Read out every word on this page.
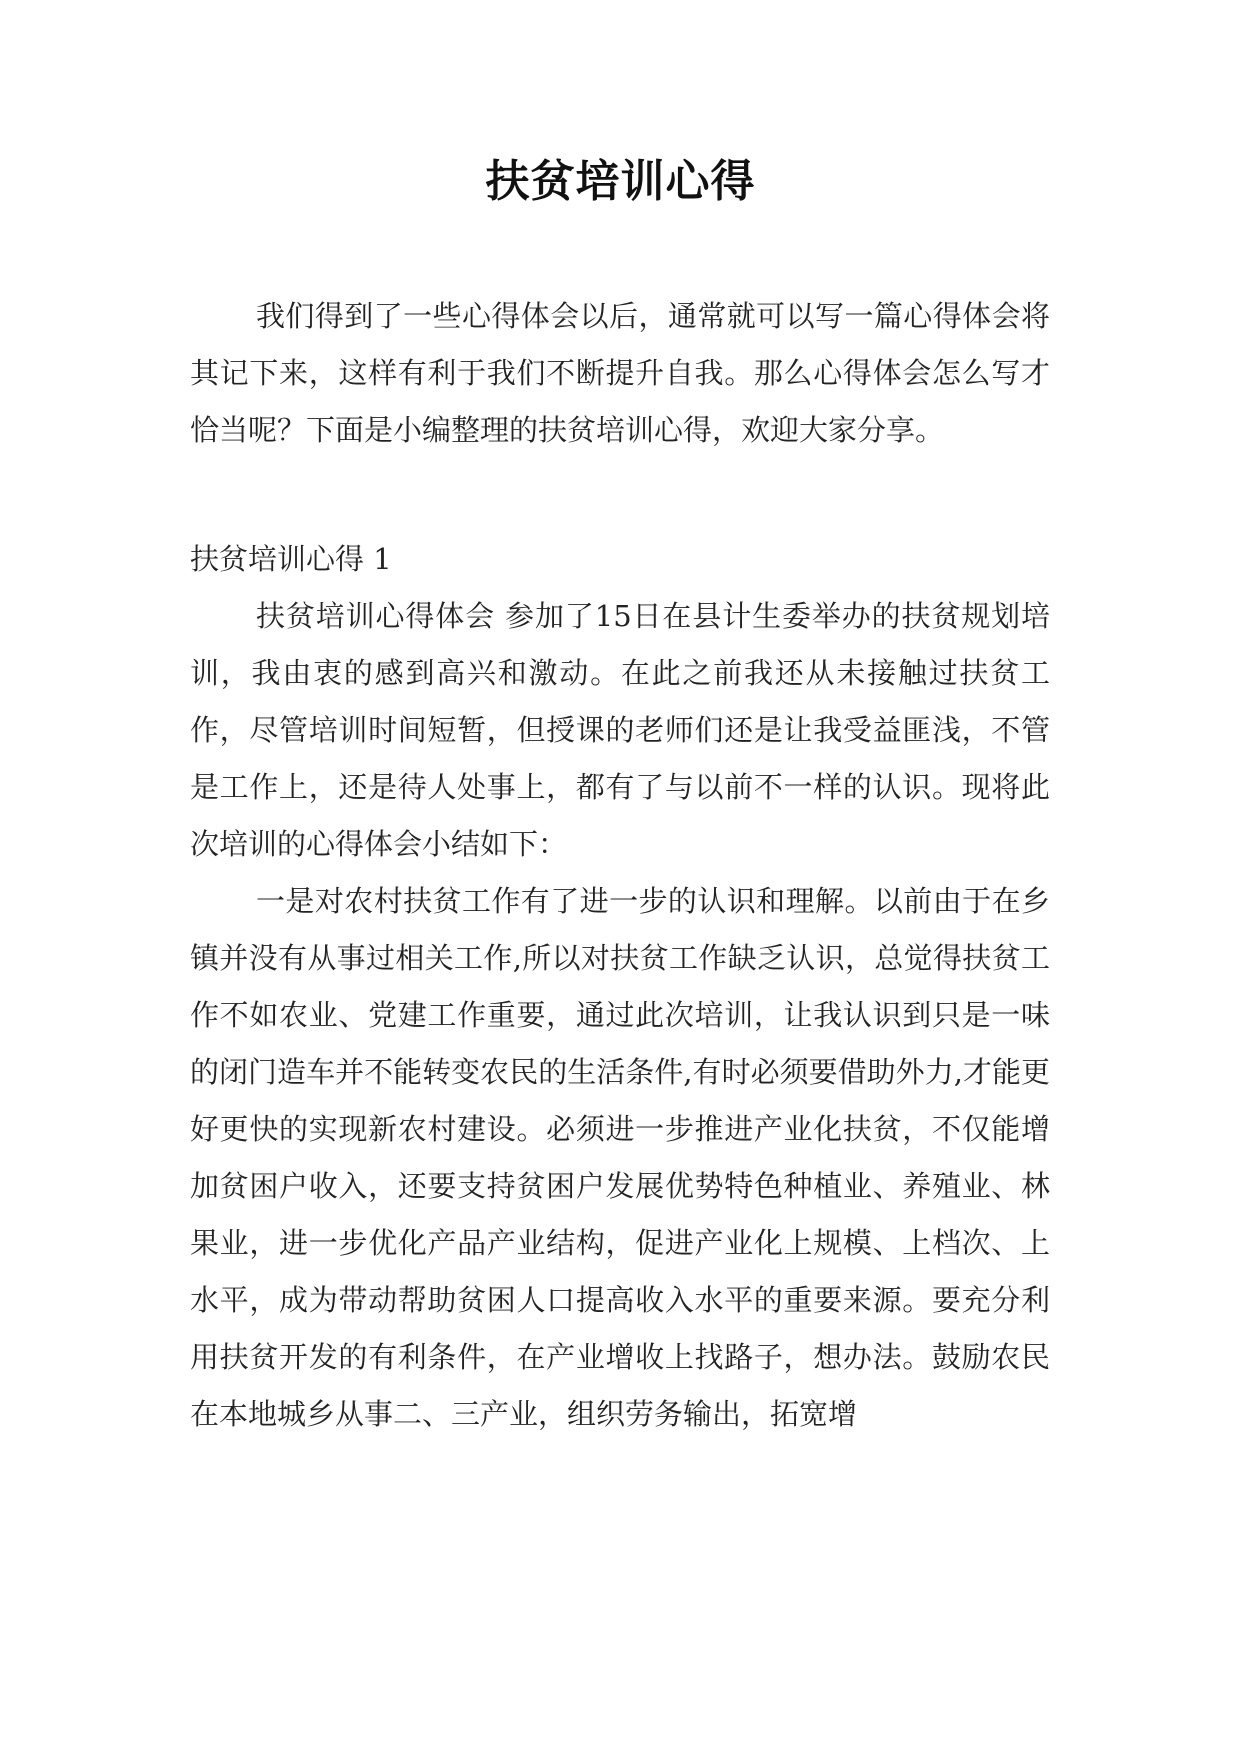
扶贫培训心得

我们得到了一些心得体会以后，通常就可以写一篇心得体会将其记下来，这样有利于我们不断提升自我。那么心得体会怎么写才恰当呢？下面是小编整理的扶贫培训心得，欢迎大家分享。

扶贫培训心得 1

扶贫培训心得体会 参加了15日在县计生委举办的扶贫规划培训，我由衷的感到高兴和激动。在此之前我还从未接触过扶贫工作，尽管培训时间短暂，但授课的老师们还是让我受益匪浅，不管是工作上，还是待人处事上，都有了与以前不一样的认识。现将此次培训的心得体会小结如下：

一是对农村扶贫工作有了进一步的认识和理解。以前由于在乡镇并没有从事过相关工作,所以对扶贫工作缺乏认识，总觉得扶贫工作不如农业、党建工作重要，通过此次培训，让我认识到只是一味的闭门造车并不能转变农民的生活条件,有时必须要借助外力,才能更好更快的实现新农村建设。必须进一步推进产业化扶贫，不仅能增加贫困户收入，还要支持贫困户发展优势特色种植业、养殖业、林果业，进一步优化产品产业结构，促进产业化上规模、上档次、上水平，成为带动帮助贫困人口提高收入水平的重要来源。要充分利用扶贫开发的有利条件，在产业增收上找路子，想办法。鼓励农民在本地城乡从事二、三产业，组织劳务输出，拓宽增
